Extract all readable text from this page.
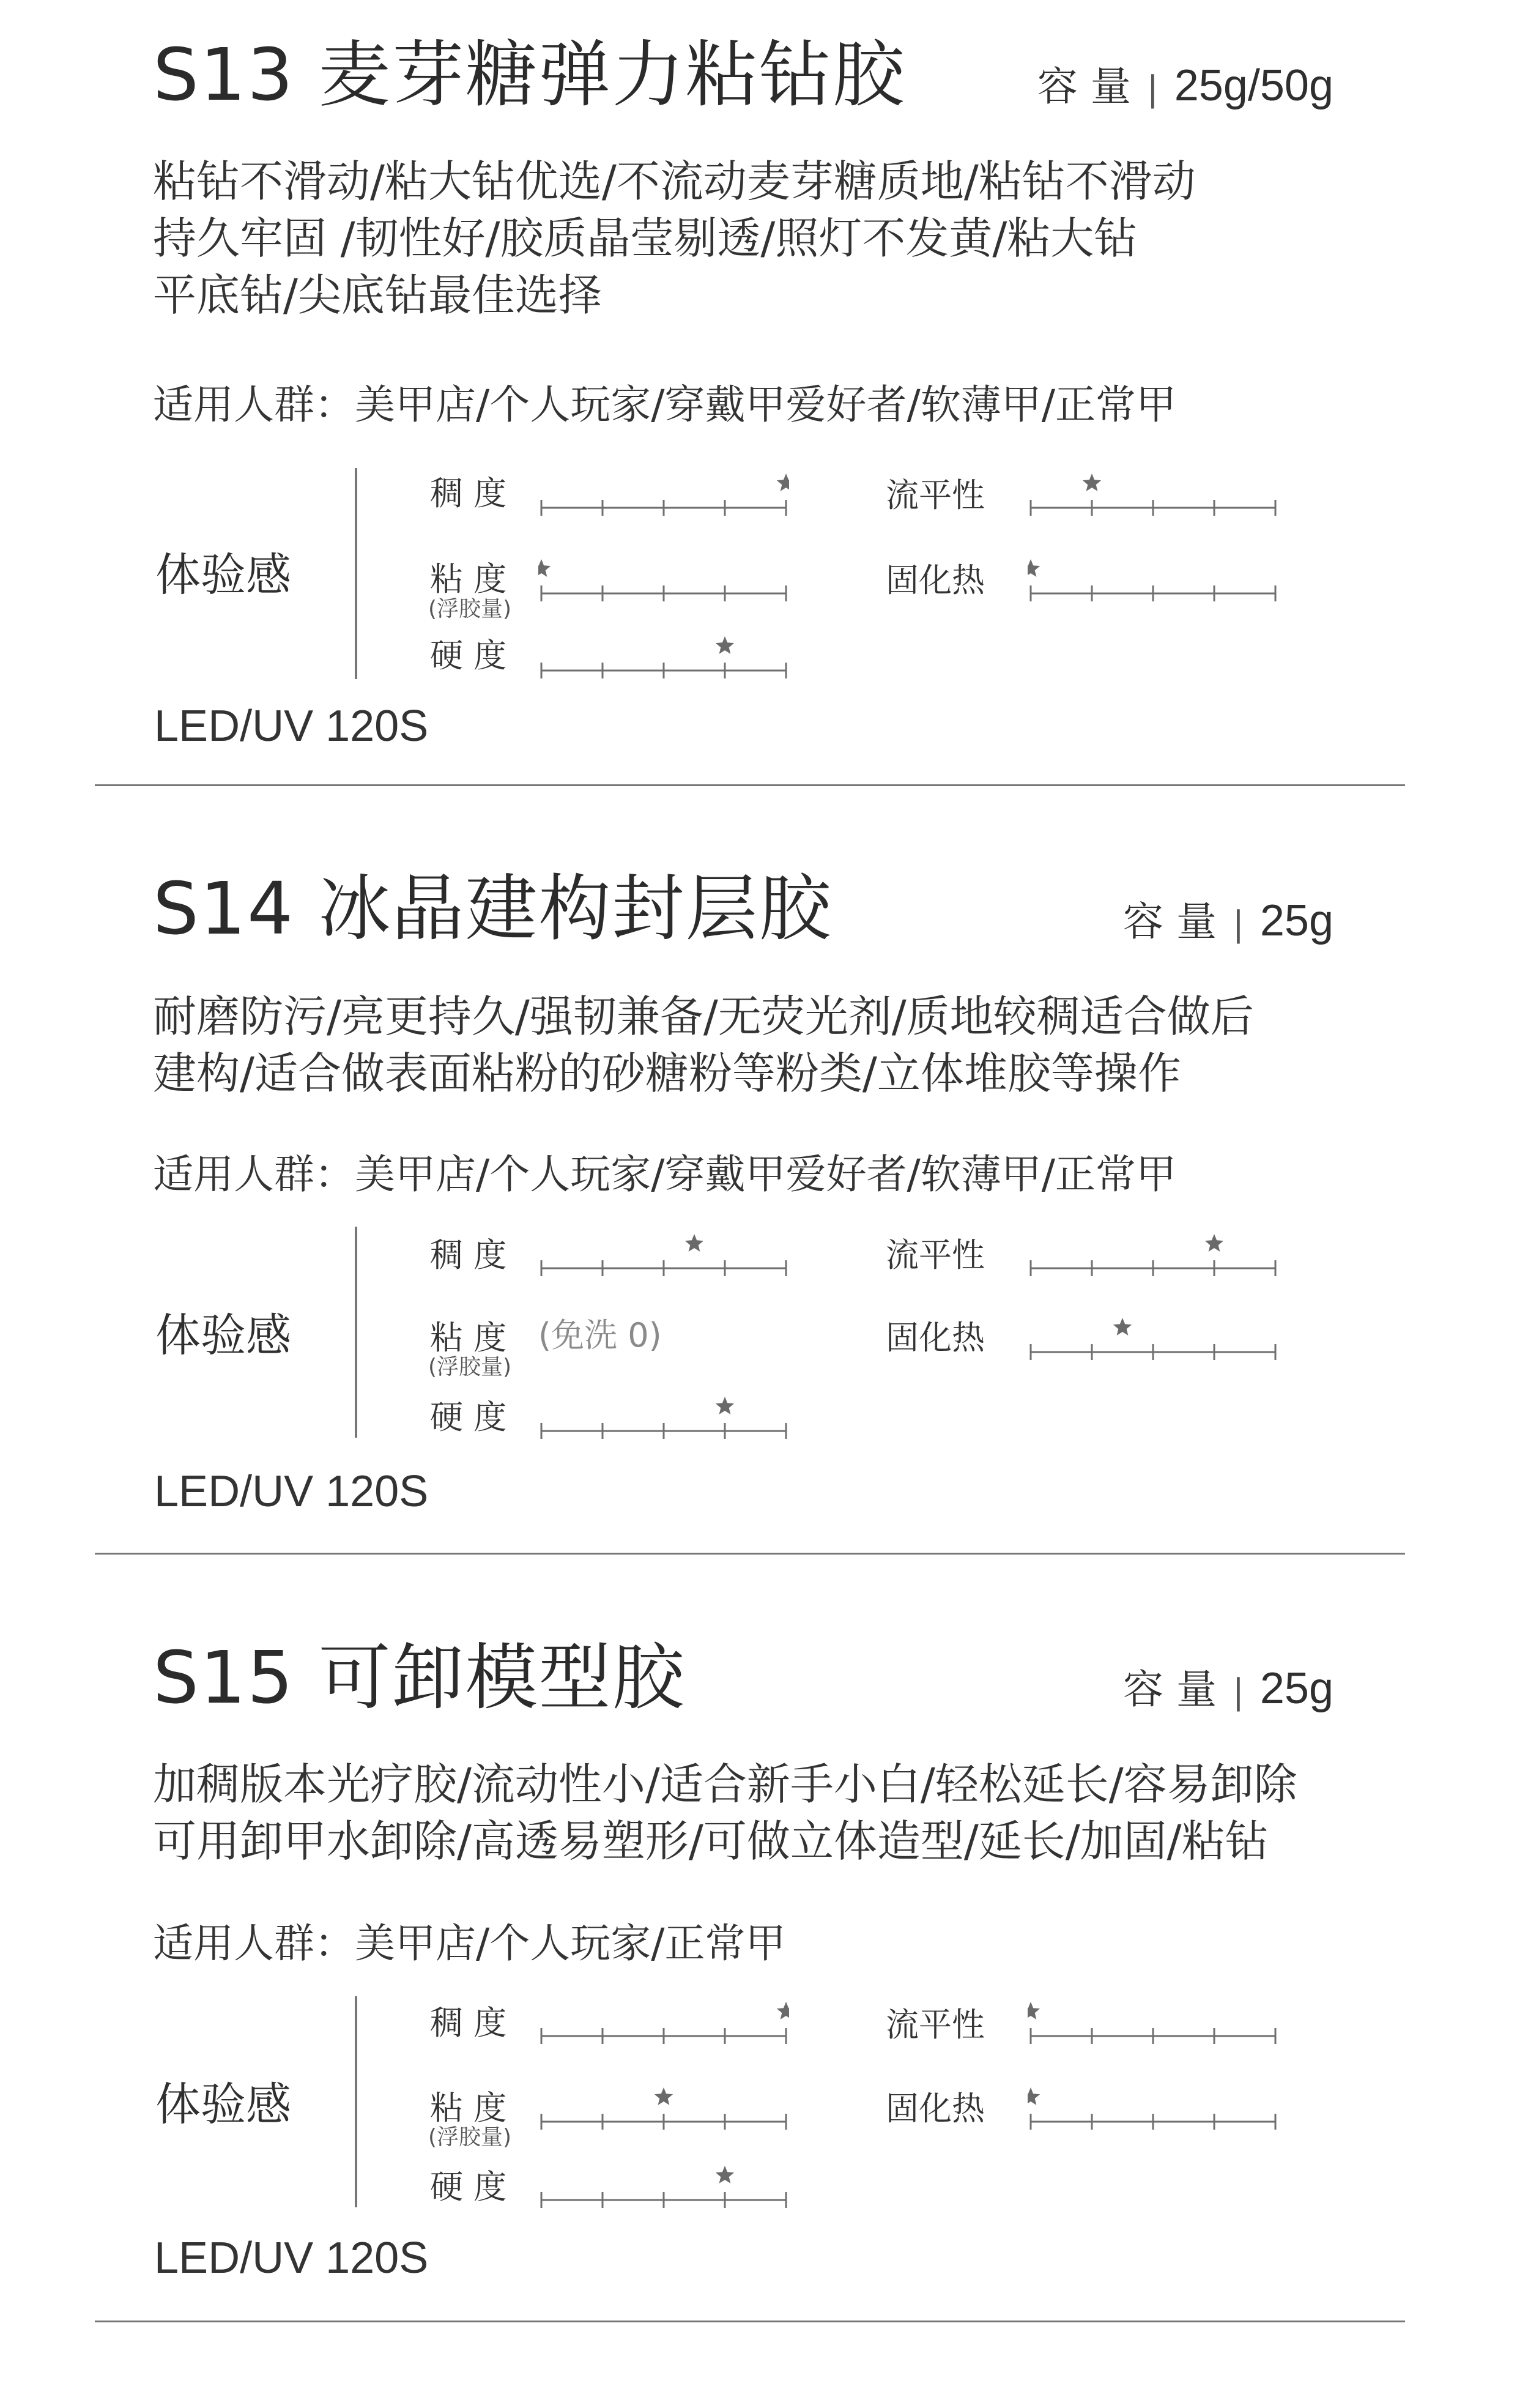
S13 麦芽糖弹力粘钻胶	容 量 | 25g/50g
粘钻不滑动/粘大钻优选/不流动麦芽糖质地/粘钻不滑动
持久牢固 /韧性好/胶质晶莹剔透/照灯不发黄/粘大钻
平底钻/尖底钻最佳选择
适用人群：美甲店/个人玩家/穿戴甲爱好者/软薄甲/正常甲
体验感
稠 度
粘 度
(浮胶量)
硬 度
流平性
固化热
LED/UV 120S
S14 冰晶建构封层胶	容 量 | 25g
耐磨防污/亮更持久/强韧兼备/无荧光剂/质地较稠适合做后
建构/适合做表面粘粉的砂糖粉等粉类/立体堆胶等操作
适用人群：美甲店/个人玩家/穿戴甲爱好者/软薄甲/正常甲
体验感
稠 度
粘 度
(浮胶量)
(免洗 0)
硬 度
流平性
固化热
LED/UV 120S
S15 可卸模型胶	容 量 | 25g
加稠版本光疗胶/流动性小/适合新手小白/轻松延长/容易卸除
可用卸甲水卸除/高透易塑形/可做立体造型/延长/加固/粘钻
适用人群：美甲店/个人玩家/正常甲
体验感
稠 度
粘 度
(浮胶量)
硬 度
流平性
固化热
LED/UV 120S
